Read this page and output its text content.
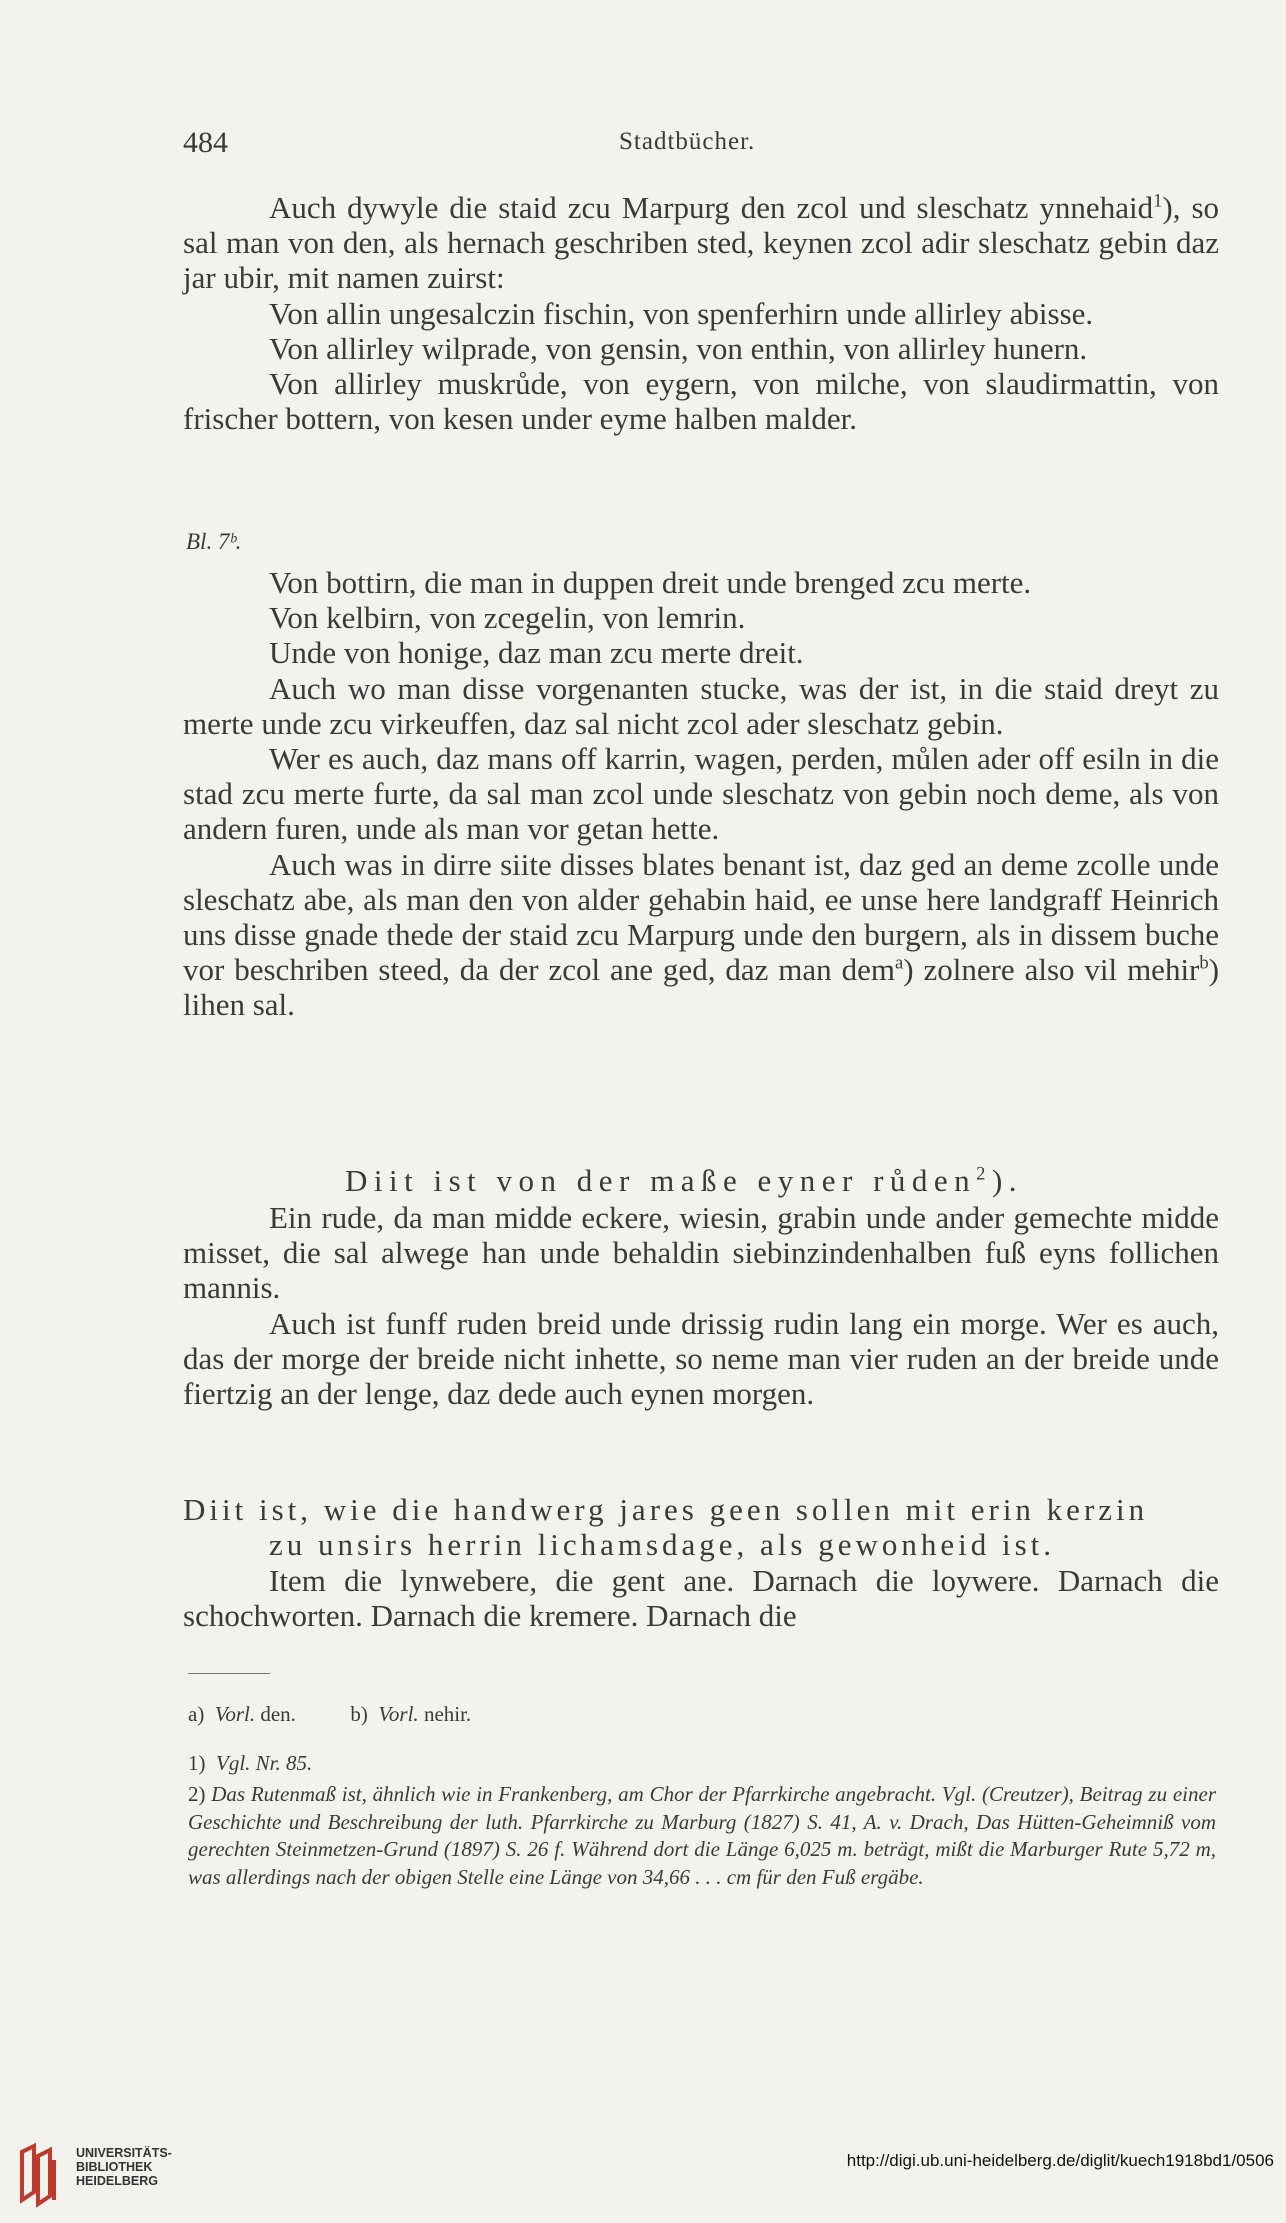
484	Stadtbücher.

Auch dywyle die staid zcu Marpurg den zcol und sleschatz ynnehaid$^1$), so sal man von den, als hernach geschriben sted, keynen zcol adir sleschatz gebin daz jar ubir, mit namen zuirst:

Von allin ungesalczin fischin, von spenferhirn unde allirley abisse.

Von allirley wilprade, von gensin, von enthin, von allirley hunern.

Von allirley muskrůde, von eygern, von milche, von slaudirmattin, von frischer bottern, von kesen under eyme halben malder.

Bl. 7ᵇ.

Von bottirn, die man in duppen dreit unde brenged zcu merte.

Von kelbirn, von zcegelin, von lemrin.

Unde von honige, daz man zcu merte dreit.

Auch wo man disse vorgenanten stucke, was der ist, in die staid dreyt zu merte unde zcu virkeuffen, daz sal nicht zcol ader sleschatz gebin.

Wer es auch, daz mans off karrin, wagen, perden, můlen ader off esiln in die stad zcu merte furte, da sal man zcol unde sleschatz von gebin noch deme, als von andern furen, unde als man vor getan hette.

Auch was in dirre siite disses blates benant ist, daz ged an deme zcolle unde sleschatz abe, als man den von alder gehabin haid, ee unse here landgraff Heinrich uns disse gnade thede der staid zcu Marpurg unde den burgern, als in dissem buche vor beschriben steed, da der zcol ane ged, daz man dem$^a$) zolnere also vil mehir$^b$) lihen sal.

Diit ist von der maße eyner růden$^2$).

Ein rude, da man midde eckere, wiesin, grabin unde ander gemechte midde misset, die sal alwege han unde behaldin siebinzindenhalben fuß eyns follichen mannis.

Auch ist funff ruden breid unde drissig rudin lang ein morge. Wer es auch, das der morge der breide nicht inhette, so neme man vier ruden an der breide unde fiertzig an der lenge, daz dede auch eynen morgen.

Diit ist, wie die handwerg jares geen sollen mit erin kerzin
zu unsirs herrin lichamsdage, als gewonheid ist.

Item die lynwebere, die gent ane. Darnach die loywere. Darnach die schochworten. Darnach die kremere. Darnach die

a) Vorl. den.	b) Vorl. nehir.
1) Vgl. Nr. 85.
2) Das Rutenmaß ist, ähnlich wie in Frankenberg, am Chor der Pfarrkirche angebracht. Vgl. (Creutzer), Beitrag zu einer Geschichte und Beschreibung der luth. Pfarrkirche zu Marburg (1827) S. 41, A. v. Drach, Das Hütten-Geheimniß vom gerechten Steinmetzen-Grund (1897) S. 26 f. Während dort die Länge 6,025 m. beträgt, mißt die Marburger Rute 5,72 m, was allerdings nach der obigen Stelle eine Länge von 34,66 . . . cm für den Fuß ergäbe.
UNIVERSITÄTS-
BIBLIOTHEK
HEIDELBERG
http://digi.ub.uni-heidelberg.de/diglit/kuech1918bd1/0506
